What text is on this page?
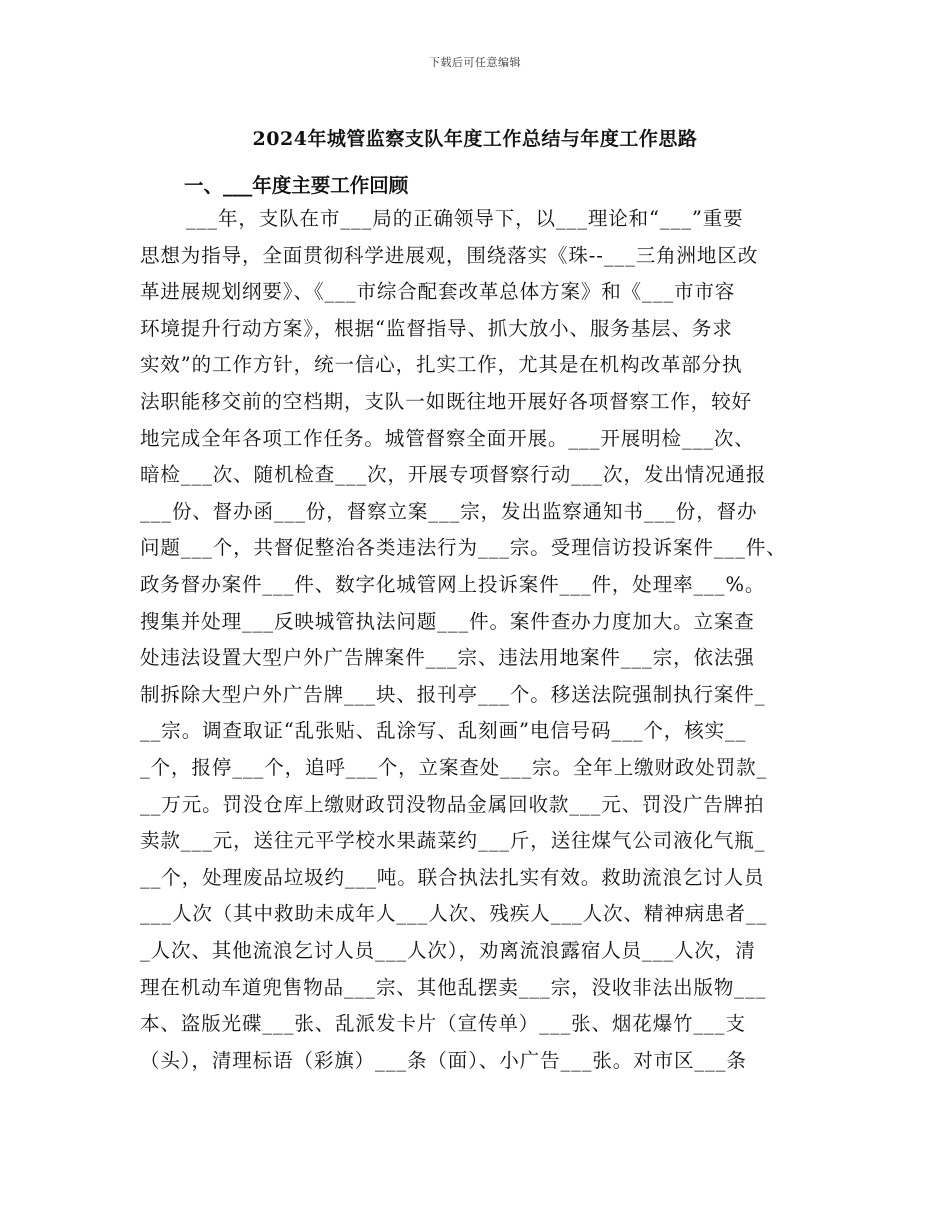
下载后可任意编辑
2024年城管监察支队年度工作总结与年度工作思路
一、___年度主要工作回顾
___年，支队在市___局的正确领导下，以___理论和“___”重要
思想为指导，全面贯彻科学进展观，围绕落实《珠--___三角洲地区改
革进展规划纲要》、《___市综合配套改革总体方案》和《___市市容
环境提升行动方案》，根据“监督指导、抓大放小、服务基层、务求
实效”的工作方针，统一信心，扎实工作，尤其是在机构改革部分执
法职能移交前的空档期，支队一如既往地开展好各项督察工作，较好
地完成全年各项工作任务。城管督察全面开展。___开展明检___次、
暗检___次、随机检查___次，开展专项督察行动___次，发出情况通报
___份、督办函___份，督察立案___宗，发出监察通知书___份，督办
问题___个，共督促整治各类违法行为___宗。受理信访投诉案件___件、
政务督办案件___件、数字化城管网上投诉案件___件，处理率___%。
搜集并处理___反映城管执法问题___件。案件查办力度加大。立案查
处违法设置大型户外广告牌案件___宗、违法用地案件___宗，依法强
制拆除大型户外广告牌___块、报刊亭___个。移送法院强制执行案件_
__宗。调查取证“乱张贴、乱涂写、乱刻画”电信号码___个，核实__
_个，报停___个，追呼___个，立案查处___宗。全年上缴财政处罚款_
__万元。罚没仓库上缴财政罚没物品金属回收款___元、罚没广告牌拍
卖款___元，送往元平学校水果蔬菜约___斤，送往煤气公司液化气瓶_
__个，处理废品垃圾约___吨。联合执法扎实有效。救助流浪乞讨人员
___人次（其中救助未成年人___人次、残疾人___人次、精神病患者__
_人次、其他流浪乞讨人员___人次），劝离流浪露宿人员___人次，清
理在机动车道兜售物品___宗、其他乱摆卖___宗，没收非法出版物___
本、盗版光碟___张、乱派发卡片（宣传单）___张、烟花爆竹___支
（头），清理标语（彩旗）___条（面）、小广告___张。对市区___条
